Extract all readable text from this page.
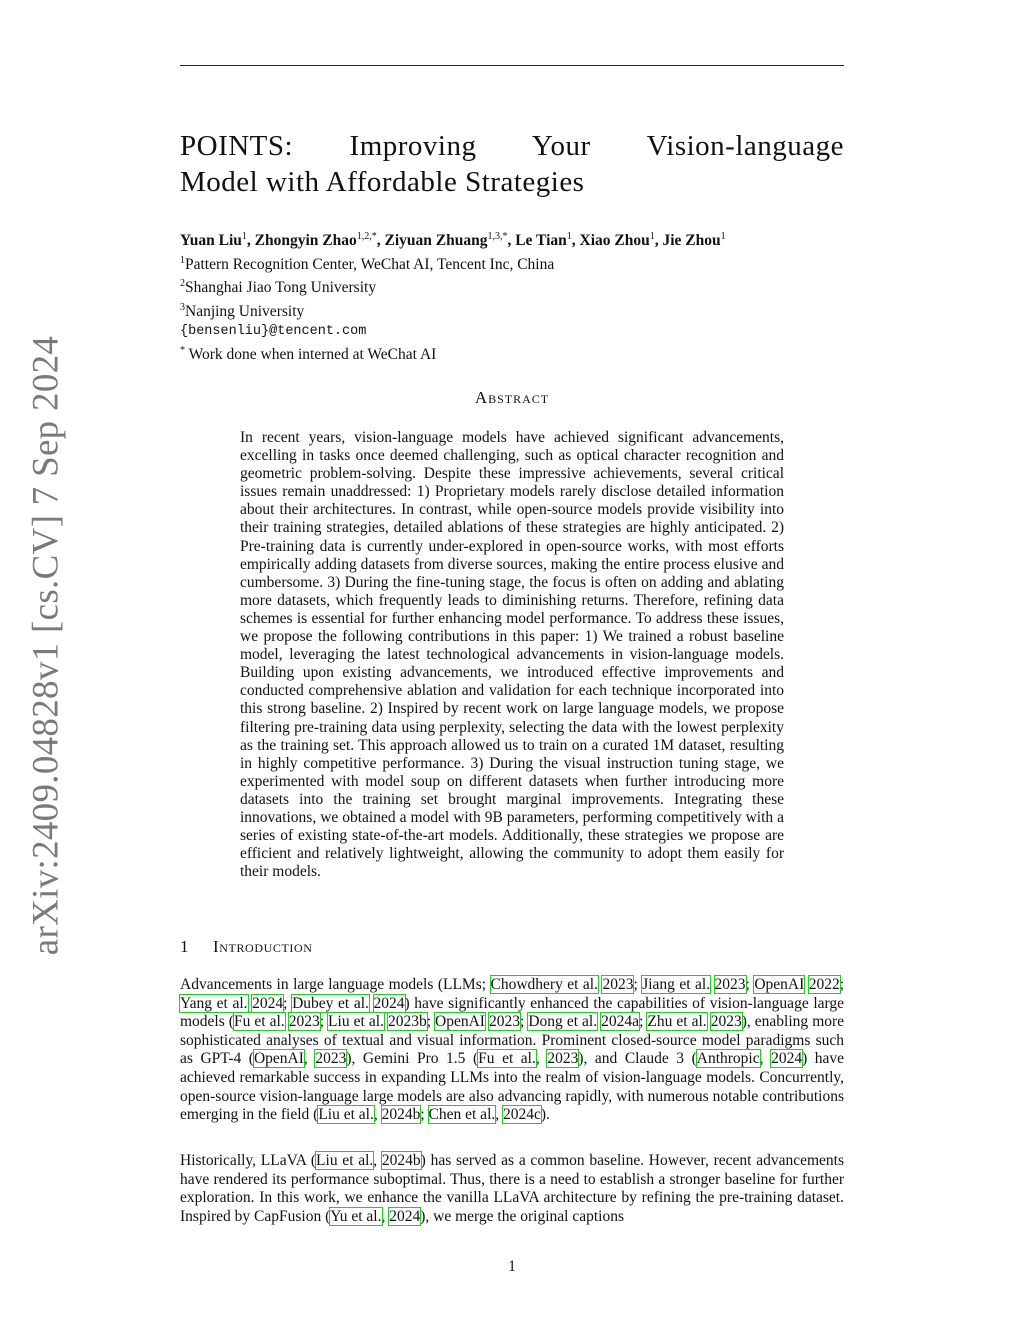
arXiv:2409.04828v1 [cs.CV] 7 Sep 2024
POINTS: Improving Your Vision-language
Model with Affordable Strategies
Yuan Liu$^1$, Zhongyin Zhao$^{1,2,*}$, Ziyuan Zhuang$^{1,3,*}$, Le Tian$^1$, Xiao Zhou$^1$, Jie Zhou$^1$
$^1$Pattern Recognition Center, WeChat AI, Tencent Inc, China
$^2$Shanghai Jiao Tong University
$^3$Nanjing University
{bensenliu}@tencent.com
* Work done when interned at WeChat AI
Abstract

In recent years, vision-language models have achieved significant advancements, excelling in tasks once deemed challenging, such as optical character recognition and geometric problem-solving. Despite these impressive achievements, several critical issues remain unaddressed: 1) Proprietary models rarely disclose detailed information about their architectures. In contrast, while open-source models provide visibility into their training strategies, detailed ablations of these strategies are highly anticipated. 2) Pre-training data is currently under-explored in open-source works, with most efforts empirically adding datasets from diverse sources, making the entire process elusive and cumbersome. 3) During the fine-tuning stage, the focus is often on adding and ablating more datasets, which frequently leads to diminishing returns. Therefore, refining data schemes is essential for further enhancing model performance. To address these issues, we propose the following contributions in this paper: 1) We trained a robust baseline model, leveraging the latest technological advancements in vision-language models. Building upon existing advancements, we introduced effective improvements and conducted comprehensive ablation and validation for each technique incorporated into this strong baseline. 2) Inspired by recent work on large language models, we propose filtering pre-training data using perplexity, selecting the data with the lowest perplexity as the training set. This approach allowed us to train on a curated 1M dataset, resulting in highly competitive performance. 3) During the visual instruction tuning stage, we experimented with model soup on different datasets when further introducing more datasets into the training set brought marginal improvements. Integrating these innovations, we obtained a model with 9B parameters, performing competitively with a series of existing state-of-the-art models. Additionally, these strategies we propose are efficient and relatively lightweight, allowing the community to adopt them easily for their models.

1 Introduction

Advancements in large language models (LLMs; Chowdhery et al. 2023; Jiang et al. 2023; OpenAI 2022; Yang et al. 2024; Dubey et al. 2024) have significantly enhanced the capabilities of vision-language large models (Fu et al. 2023; Liu et al. 2023b; OpenAI 2023; Dong et al. 2024a; Zhu et al. 2023), enabling more sophisticated analyses of textual and visual information. Prominent closed-source model paradigms such as GPT-4 (OpenAI, 2023), Gemini Pro 1.5 (Fu et al., 2023), and Claude 3 (Anthropic, 2024) have achieved remarkable success in expanding LLMs into the realm of vision-language models. Concurrently, open-source vision-language large models are also advancing rapidly, with numerous notable contributions emerging in the field (Liu et al., 2024b; Chen et al., 2024c).

Historically, LLaVA (Liu et al., 2024b) has served as a common baseline. However, recent advancements have rendered its performance suboptimal. Thus, there is a need to establish a stronger baseline for further exploration. In this work, we enhance the vanilla LLaVA architecture by refining the pre-training dataset. Inspired by CapFusion (Yu et al., 2024), we merge the original captions

1
